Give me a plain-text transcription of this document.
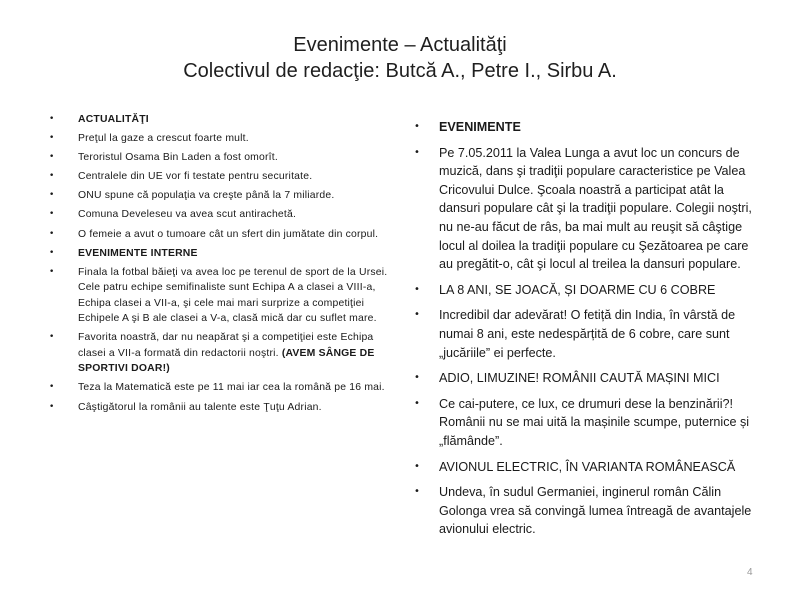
Evenimente – Actualităţi
Colectivul de redacţie: Butcă A., Petre I., Sirbu A.
• ACTUALITĂŢI
• Preţul la gaze a crescut foarte mult.
• Teroristul Osama Bin Laden a fost omorît.
• Centralele din UE vor fi testate pentru securitate.
• ONU spune că populaţia va creşte până la 7 miliarde.
• Comuna Develeseu va avea scut antirachetă.
• O femeie a avut o tumoare cât un sfert din jumătate din corpul.
• EVENIMENTE INTERNE
• Finala la fotbal băieţi va avea loc pe terenul de sport de la Ursei. Cele patru echipe semifinaliste sunt Echipa A a clasei a VIII-a, Echipa clasei a VII-a, şi cele mai mari surprize a competiţiei Echipele A şi B ale clasei a V-a, clasă mică dar cu suflet mare.
• Favorita noastră, dar nu neapărat şi a competiţiei este Echipa clasei a VII-a formată din redactorii noştri. (AVEM SÂNGE DE SPORTIVI DOAR!)
• Teza la Matematică este pe 11 mai iar cea la română pe 16 mai.
• Câştigătorul la românii au talente este Ţuţu Adrian.
• EVENIMENTE
• Pe 7.05.2011 la Valea Lunga a avut loc un concurs de muzică, dans şi tradiţii populare caracteristice pe Valea Cricovului Dulce. Şcoala noastră a participat atât la dansuri populare cât şi la tradiţii populare. Colegii noştri, nu ne-au făcut de râs, ba mai mult au reuşit să câştige locul al doilea la tradiţii populare cu Şezătoarea pe care au pregătit-o, cât şi locul al treilea la dansuri populare.
• LA 8 ANI, SE JOACĂ, ȘI DOARME CU 6 COBRE
• Incredibil dar adevărat! O fetiță din India, în vârstă de numai 8 ani, este nedespărțită de 6 cobre, care sunt „jucăriile” ei perfecte.
• ADIO, LIMUZINE! ROMÂNII CAUTĂ MAȘINI MICI
• Ce cai-putere, ce lux, ce drumuri dese la benzinării?! Românii nu se mai uită la mașinile scumpe, puternice și „flămânde”.
• AVIONUL ELECTRIC, ÎN VARIANTA ROMÂNEASCĂ
• Undeva, în sudul Germaniei, inginerul român Călin Golonga vrea să convingă lumea întreagă de avantajele avionului electric.
4
